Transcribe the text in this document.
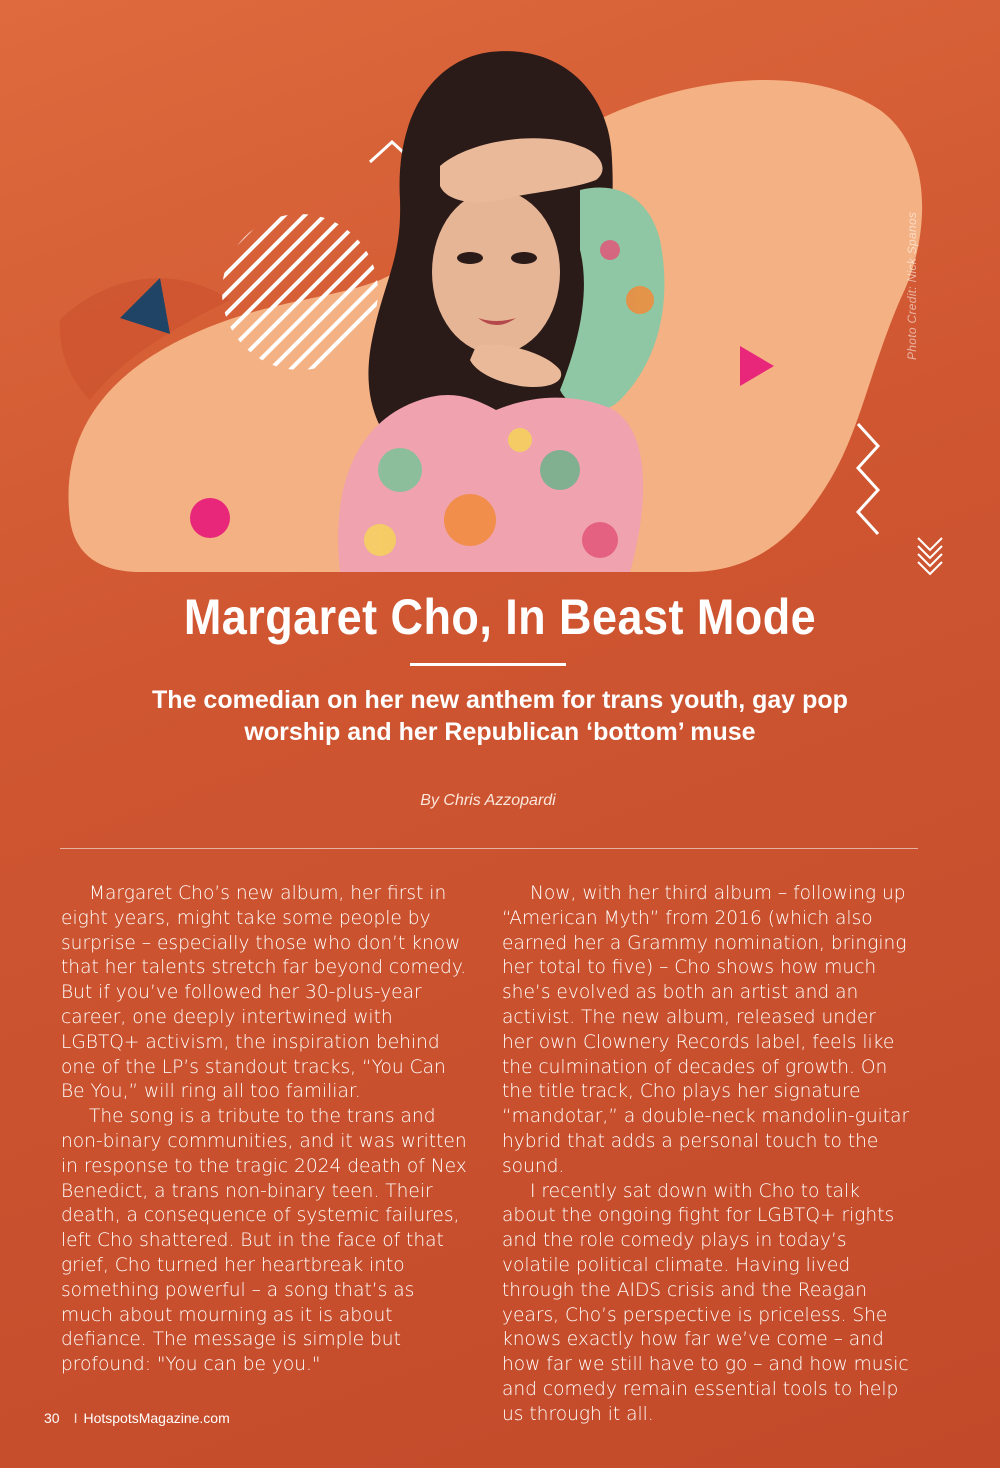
Photo Credit: Nick Spanos
Margaret Cho, In Beast Mode
The comedian on her new anthem for trans youth, gay pop worship and her Republican ‘bottom’ muse
By Chris Azzopardi

Margaret Cho’s new album, her first in eight years, might take some people by surprise – especially those who don’t know that her talents stretch far beyond comedy. But if you’ve followed her 30-plus-year career, one deeply intertwined with LGBTQ+ activism, the inspiration behind one of the LP’s standout tracks, “You Can Be You,” will ring all too familiar.

The song is a tribute to the trans and non-binary communities, and it was written in response to the tragic 2024 death of Nex Benedict, a trans non-binary teen. Their death, a consequence of systemic failures, left Cho shattered. But in the face of that grief, Cho turned her heartbreak into something powerful – a song that’s as much about mourning as it is about defiance. The message is simple but profound: "You can be you."

Now, with her third album – following up “American Myth” from 2016 (which also earned her a Grammy nomination, bringing her total to five) – Cho shows how much she’s evolved as both an artist and an activist. The new album, released under her own Clownery Records label, feels like the culmination of decades of growth. On the title track, Cho plays her signature “mandotar,” a double-neck mandolin-guitar hybrid that adds a personal touch to the sound.

I recently sat down with Cho to talk about the ongoing fight for LGBTQ+ rights and the role comedy plays in today’s volatile political climate. Having lived through the AIDS crisis and the Reagan years, Cho’s perspective is priceless. She knows exactly how far we’ve come – and how far we still have to go – and how music and comedy remain essential tools to help us through it all.

30 I HotspotsMagazine.com
